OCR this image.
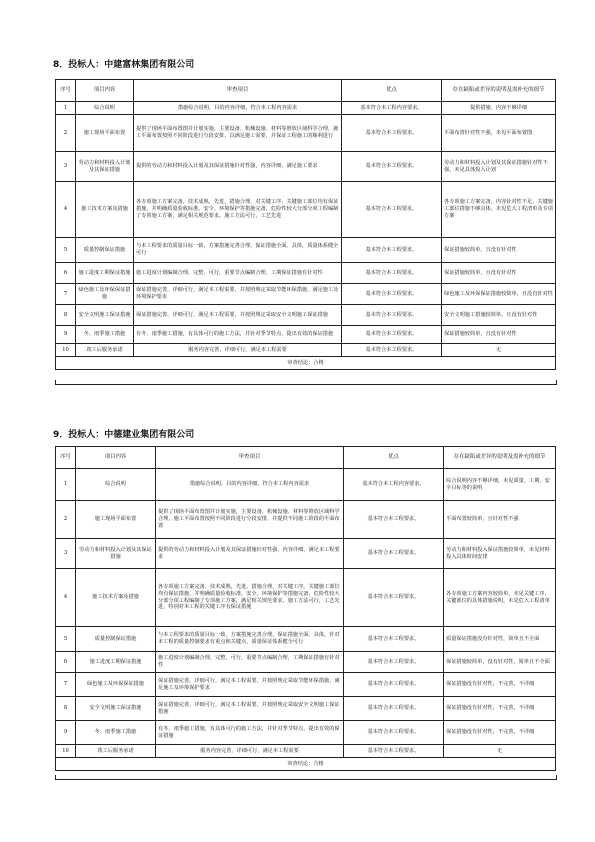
8．投标人：中建富林集团有限公司
序号	项目内容	审查项目	优点	存在缺陷或差异的说明及需补充的细节
1	综合说明	措施综合说明，目的内容详细，符合本工程内容需求	基本符合本工程内容要求。	提供措施，内容不够详细
2	施工现场平面布置	提供了现场平面布置图并计划实施，主要设备、机械设施、材料等堆放区域科学合理，施工平面布置按照不同阶段进行分段安排，以满足施工需要，并保证工程施工的顺利进行	基本符合本工程要求。	平面布置针对性不强，未见平面布置图
3	劳动力和材料投入计划及其保证措施	提供的劳动力和材料投入计划及其保证措施针对性强，内容详细，满足施工要求	基本符合本工程要求。	劳动力和材料投入计划及其保证措施针对性不强，未见具体投入计划
4	施工技术方案及措施	各专项施工方案完备，技术成熟，先进，措施合理，对关键工序、关键施工部位均有保证措施，并明确质量验收标准，安全、环境保护等措施完备，危险性较大分部分项工程编制了专项施工方案，满足相关规范要求，施工方法可行，工艺先进	基本符合本工程要求。	各专项施工方案完备，内容针对性不足，关键施工部位措施不够具体，未见危大工程清单及专项方案
5	质量控制保证措施	与本工程要求的质量目标一致，方案措施完善合理，保证措施全面、具体，质量体系健全可行	基本符合本工程要求。	保证措施较简单，且没有针对性
6	施工进度工期保证措施	施工进度计划编制合理，完整，可行，重要节点编制合理，工期保证措施有针对性	基本符合本工程要求。	保证措施较简单，且没有针对性
7	绿色施工及环保保证措施	保证措施完善，详细可行，满足本工程需要，并按照规定采取节能环保措施，满足施工及环境保护要求	基本符合本工程要求。	绿色施工及环保保证措施较简单，且没有针对性
8	安全文明施工保证措施	保证措施完善，详细可行，满足本工程需要，并按照规定采取安全文明施工保证措施	基本符合本工程要求。	安全文明施工措施较简单，且没有针对性
9	冬、雨季施工措施	有冬、雨季施工措施，有具体可行的施工方法，并针对季节特点，提出有效的保证措施	基本符合本工程要求。	保证措施较简单，且没有针对性
10	竣工后服务承诺	服务内容完善，详细可行，满足本工程需要	基本符合本工程要求。	无
审查结论：合格				
9．投标人：中德建业集团有限公司
序号	项目内容	审查项目	优点	存在缺陷或差异的说明及需补充的细节
1	综合说明	措施综合说明，目的内容详细，符合本工程内容需求	基本符合本工程内容要求。	综合说明内容不够详细，未见质量、工期、安全目标等的说明
2	施工现场平面布置	提供了现场平面布置图并计划实施，主要设备、机械设施、材料等堆放区域科学合理，施工平面布置按照不同阶段进行分段安排，并提供不同施工阶段的平面布置	基本符合本工程要求。	平面布置较简单，且针对性不强
3	劳动力和材料投入计划及其保证措施	提供的劳动力和材料投入计划及其保证措施针对性强，内容详细，满足本工程要求	基本符合本工程要求。	劳动力和材料投入保证措施较简单，未见材料投入具体时间安排
4	施工技术方案及措施	各专项施工方案完备，技术成熟，先进，措施合理，对关键工序、关键施工部位均有保证措施，并明确质量验收标准，安全、环境保护等措施完备，危险性较大分部分项工程编制了专项施工方案，满足相关规范要求，施工方法可行，工艺先进，特别对本工程的关键工序有保证措施	基本符合本工程要求。	各专项施工方案内容较简单，未见关键工序、关键部位的具体措施说明，未见危大工程清单
5	质量控制保证措施	与本工程要求的质量目标一致，方案措施完善合理，保证措施全面、具体，针对本工程的质量控制要求有重点和关键点，质量保证体系健全可行	基本符合本工程要求。	质量保证措施没有针对性，简单且不全面
6	施工进度工期保证措施	施工进度计划编制合理，完整，可行，重要节点编制合理，工期保证措施有针对性	基本符合本工程要求。	保证措施较简单，没有针对性，简单且不全面
7	绿色施工及环保保证措施	保证措施完善，详细可行，满足本工程需要，并按照规定采取节能环保措施，满足施工及环境保护要求	基本符合本工程要求。	保证措施没有针对性，不完善，不详细
8	安全文明施工保证措施	保证措施完善，详细可行，满足本工程需要，并按照规定采取安全文明施工保证措施	基本符合本工程要求。	保证措施没有针对性，不完善，不详细
9	冬、雨季施工措施	有冬、雨季施工措施，有具体可行的施工方法，并针对季节特点，提出有效的保证措施	基本符合本工程要求。	保证措施没有针对性，不完善，不详细
10	竣工后服务承诺	服务内容完善，详细可行，满足本工程需要	基本符合本工程要求。	无
审查结论：合格				
